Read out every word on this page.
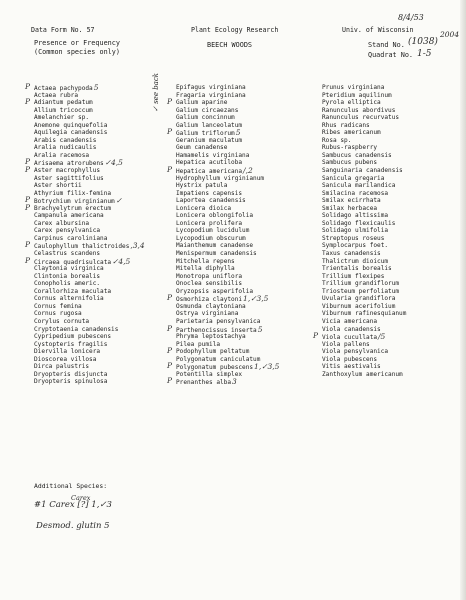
Data Form No. 57	Plant Ecology Research	Univ. of Wisconsin
8/4/53
Presence or Frequency
(Common species only)
BEECH WOODS	Stand No. (1038)
2004
Quadrat No. 1-5
P Actaea pachypoda5
Actaea rubra
P Adiantum pedatum
Allium tricoccum
Amelanchier sp.
Anemone quinquefolia
Aquilegia canadensis
Arabis canadensis
Aralia nudicaulis
Aralia racemosa
P Arisaema atrorubens✓4,5
P Aster macrophyllus
Aster sagittifolius
Aster shortii
Athyrium filix-femina
P Botrychium virginianum✓
P Brachyelytrum erectum
Campanula americana
Carex albursina
Carex pensylvanica
Carpinus caroliniana
P Caulophyllum thalictroides,3,4
Celastrus scandens
P Circaea quadrisulcata✓4,5
Claytonia virginica
Clintonia borealis
Conopholis americ.
Corallorhiza maculata
Cornus alternifolia
Cornus femina
Cornus rugosa
Corylus cornuta
Cryptotaenia canadensis
Cypripedium pubescens
Cystopteris fragilis
Diervilla lonicera
Dioscorea villosa
Dirca palustris
Dryopteris disjuncta
Dryopteris spinulosa
Epifagus virginiana
Fragaria virginiana
P Galium aparine
Galium circaezans
Galium concinnum
Galium lanceolatum
P Galium triflorum5
Geranium maculatum
Geum canadense
Hamamelis virginiana
Hepatica acutiloba
P Hepatica americana/,2
Hydrophyllum virginianum
Hystrix patula
Impatiens capensis
Laportea canadensis
Lonicera dioica
Lonicera oblongifolia
Lonicera prolifera
Lycopodium lucidulum
Lycopodium obscurum
Maianthemum canadense
Menispermum canadensis
Mitchella repens
Mitella diphylla
Monotropa uniflora
Onoclea sensibilis
Oryzopsis asperifolia
P Osmorhiza claytoni1,✓3,5
Osmunda claytoniana
Ostrya virginiana
Parietaria pensylvanica
P Parthenocissus inserta5
Phryma leptostachya
Pilea pumila
P Podophyllum peltatum
Polygonatum caniculatum
P Polygonatum pubescens1,✓3,5
Potentilla simplex
P Prenanthes alba3
Prunus virginiana
Pteridium aquilinum
Pyrola elliptica
Ranunculus abordivus
Ranunculus recurvatus
Rhus radicans
Ribes americanum
Rosa sp.
Rubus-raspberry
Sambucus canadensis
Sambucus pubens
Sanguinaria canadensis
Sanicula gregaria
Sanicula marilandica
Smilacina racemosa
Smilax ecirrhata
Smilax herbacea
Solidago altissima
Solidago flexicaulis
Solidago ulmifolia
Streptopus roseus
Symplocarpus foet.
Taxus canadensis
Thalictrum dioicum
Trientalis borealis
Trillium flexipes
Trillium grandiflorum
Triosteum perfoliatum
Uvularia grandiflora
Viburnum acerifolium
Viburnum rafinesquianum
Vicia americana
Viola canadensis
P Viola cucullata/5
Viola pallens
Viola pensylvanica
Viola pubescens
Vitis aestivalis
Zanthoxylum americanum
✓ see back
Additional Species:
Carex
#1 Carex [?] 1,✓3
Desmod. glutin 5
